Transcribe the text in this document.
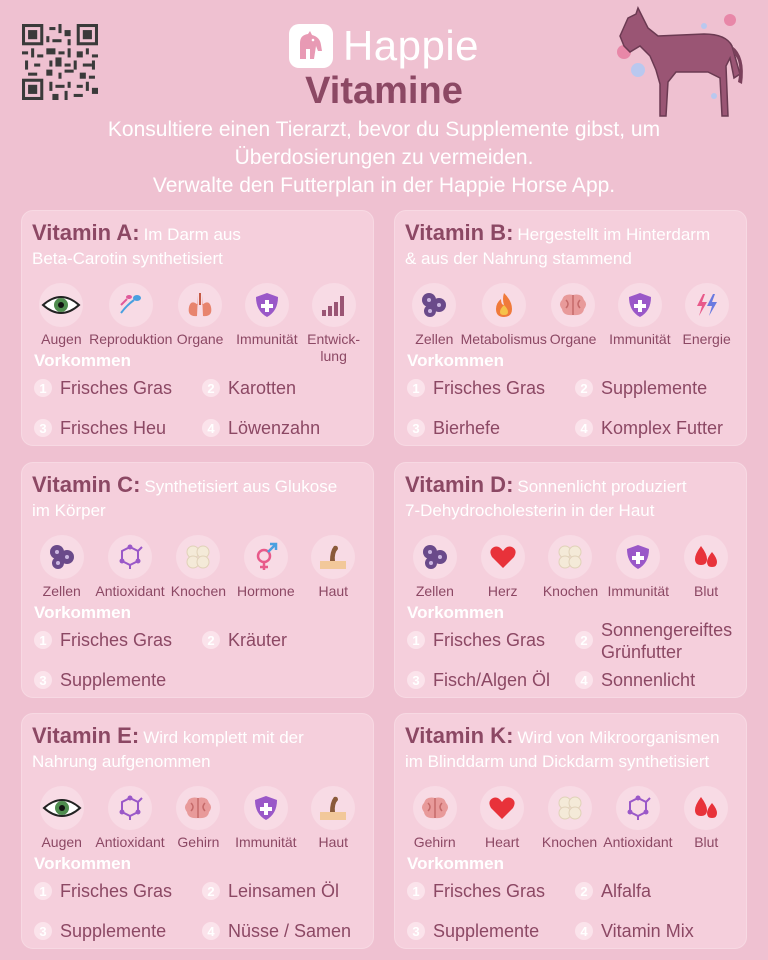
Happie
Vitamine
Konsultiere einen Tierarzt, bevor du Supplemente gibst, um
Überdosierungen zu vermeiden.
Verwalte den Futterplan in der Happie Horse App.
Vitamin A: Im Darm aus
Beta-Carotin synthetisiert
Augen Reproduktion Organe Immunität Entwick-
lung
Vorkommen
1 Frisches Gras	2 Karotten
3 Frisches Heu	4 Löwenzahn
Vitamin B: Hergestellt im Hinterdarm
& aus der Nahrung stammend
Zellen Metabolismus Organe Immunität Energie
Vorkommen
1 Frisches Gras	2 Supplemente
3 Bierhefe	4 Komplex Futter
Vitamin C: Synthetisiert aus Glukose
im Körper
Zellen Antioxidant Knochen Hormone Haut
Vorkommen
1 Frisches Gras	2 Kräuter
3 Supplemente
Vitamin D: Sonnenlicht produziert
7-Dehydrocholesterin in der Haut
Zellen Herz Knochen Immunität Blut
Vorkommen
1 Frisches Gras	2 Sonnengereiftes
Grünfutter
3 Fisch/Algen Öl	4 Sonnenlicht
Vitamin E: Wird komplett mit der
Nahrung aufgenommen
Augen Antioxidant Gehirn Immunität Haut
Vorkommen
1 Frisches Gras	2 Leinsamen Öl
3 Supplemente	4 Nüsse / Samen
Vitamin K: Wird von Mikroorganismen
im Blinddarm und Dickdarm synthetisiert
Gehirn Heart Knochen Antioxidant Blut
Vorkommen
1 Frisches Gras	2 Alfalfa
3 Supplemente	4 Vitamin Mix
